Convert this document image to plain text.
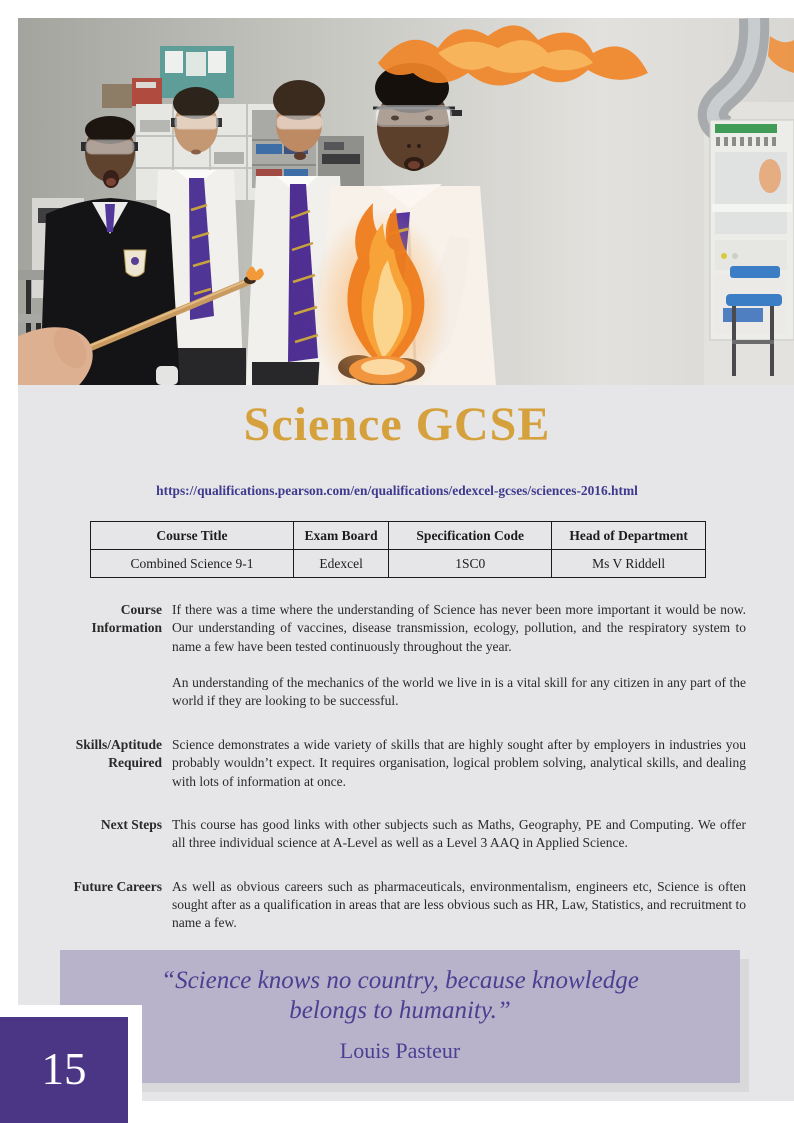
Science GCSE
https://qualifications.pearson.com/en/qualifications/edexcel-gcses/sciences-2016.html
Course Title	Exam Board	Specification Code	Head of Department
Combined Science 9-1	Edexcel	1SC0	Ms V Riddell
Course Information

If there was a time where the understanding of Science has never been more important it would be now. Our understanding of vaccines, disease transmission, ecology, pollution, and the respiratory system to name a few have been tested continuously throughout the year.

An understanding of the mechanics of the world we live in is a vital skill for any citizen in any part of the world if they are looking to be successful.

Skills/Aptitude Required

Science demonstrates a wide variety of skills that are highly sought after by employers in industries you probably wouldn’t expect. It requires organisation, logical problem solving, analytical skills, and dealing with lots of information at once.

Next Steps This course has good links with other subjects such as Maths, Geography, PE and Computing. We offer all three individual science at A-Level as well as a Level 3 AAQ in Applied Science.

Future Careers As well as obvious careers such as pharmaceuticals, environmentalism, engineers etc, Science is often sought after as a qualification in areas that are less obvious such as HR, Law, Statistics, and recruitment to name a few.

“Science knows no country, because knowledge belongs to humanity.”
Louis Pasteur
15
